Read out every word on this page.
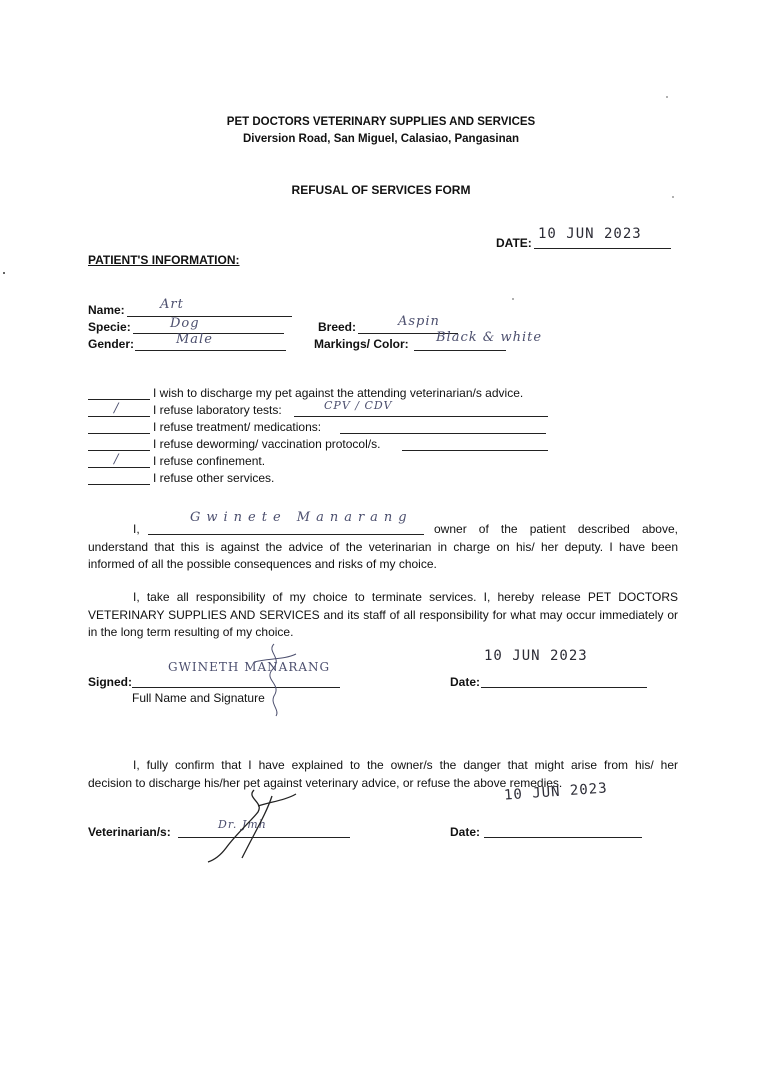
PET DOCTORS VETERINARY SUPPLIES AND SERVICES
Diversion Road, San Miguel, Calasiao, Pangasinan
REFUSAL OF SERVICES FORM
DATE:
10 JUN 2023
PATIENT'S INFORMATION:
Name:	Art
Specie:	Dog
Gender:	Male
Breed:	Aspin
Markings/ Color: Black & white
I wish to discharge my pet against the attending veterinarian/s advice.
/	I refuse laboratory tests:	CPV / CDV
I refuse treatment/ medications:
I refuse deworming/ vaccination protocol/s.
/	I refuse confinement.
I refuse other services.
I,
Gwinete Manarang
owner of the patient described above,
understand that this is against the advice of the veterinarian in charge on his/ her deputy. I have been
informed of all the possible consequences and risks of my choice.
I, take all responsibility of my choice to terminate services. I, hereby release PET DOCTORS
VETERINARY SUPPLIES AND SERVICES and its staff of all responsibility for what may occur immediately or
in the long term resulting of my choice.
Signed:
GWINETH MANARANG
Full Name and Signature
Date:
10 JUN 2023
I, fully confirm that I have explained to the owner/s the danger that might arise from his/ her
decision to discharge his/her pet against veterinary advice, or refuse the above remedies.
Veterinarian/s:
Dr. Jmh
Date:
10 JUN 2023
